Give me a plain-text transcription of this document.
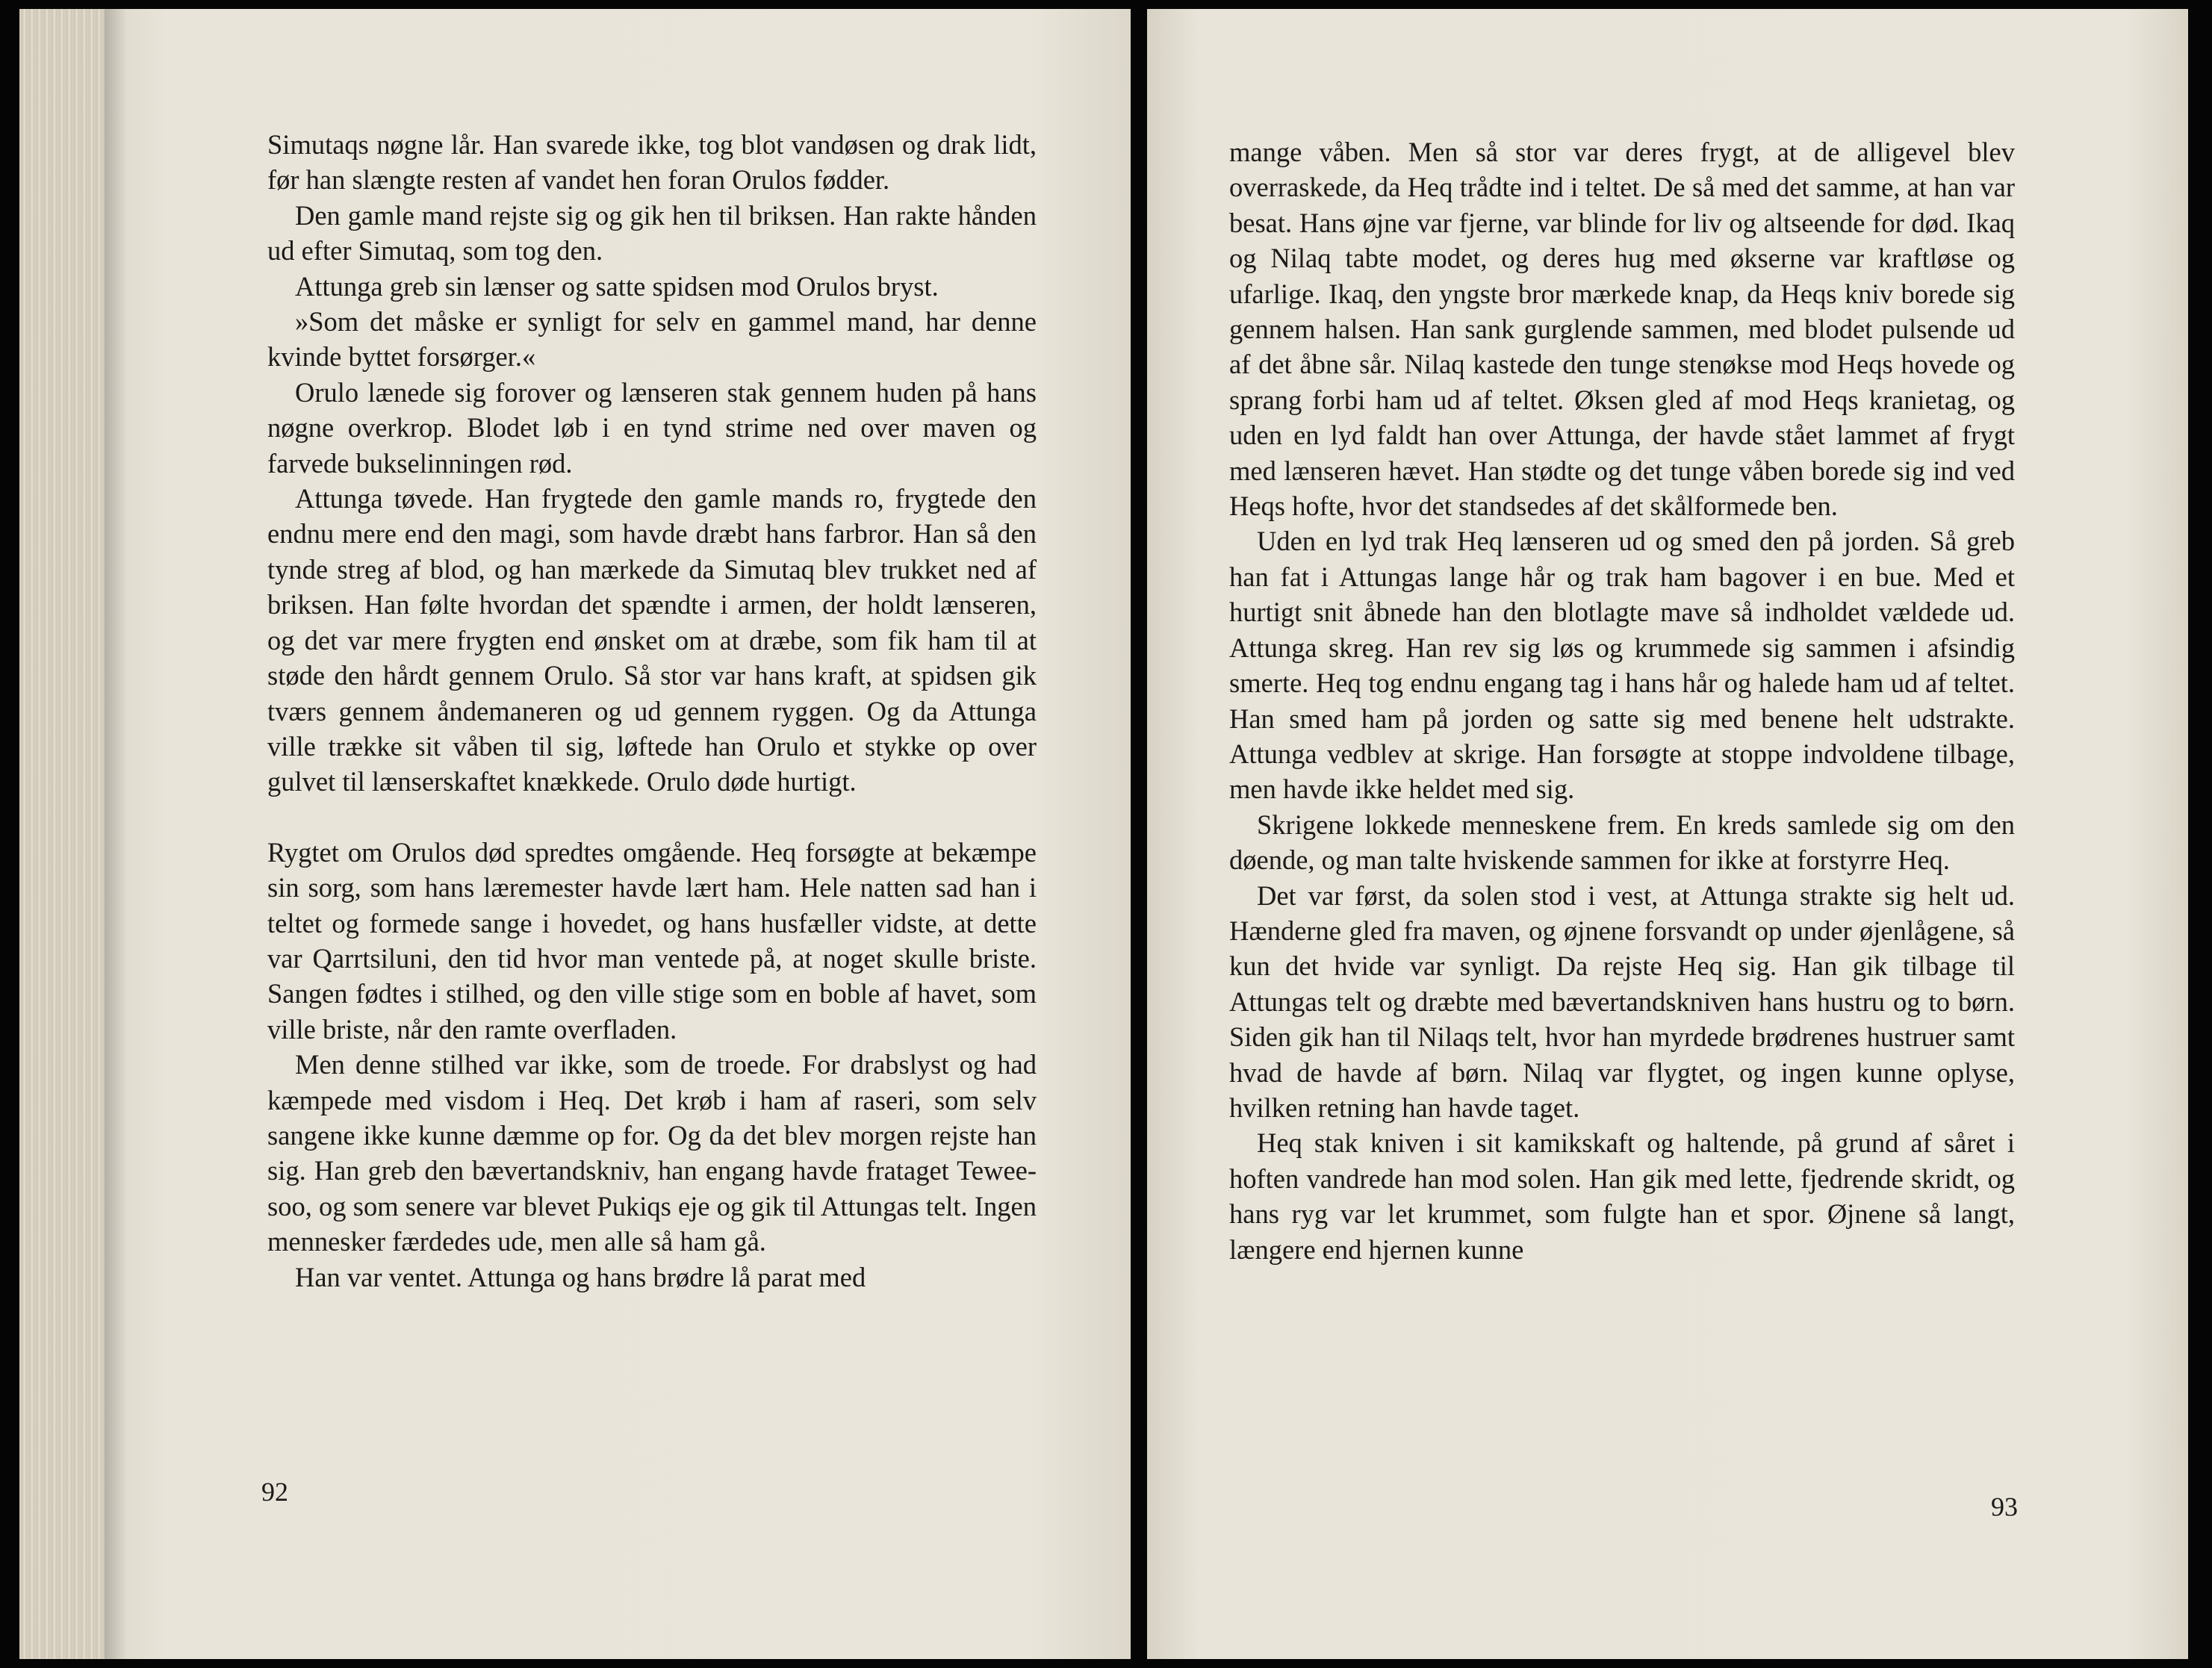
Simutaqs nøgne lår. Han svarede ikke, tog blot vandøsen og drak lidt, før han slængte resten af vandet hen foran Orulos fødder.

Den gamle mand rejste sig og gik hen til briksen. Han rakte hånden ud efter Simutaq, som tog den.

Attunga greb sin lænser og satte spidsen mod Orulos bryst.

»Som det måske er synligt for selv en gammel mand, har denne kvinde byttet forsørger.«

Orulo lænede sig forover og lænseren stak gennem huden på hans nøgne overkrop. Blodet løb i en tynd strime ned over maven og farvede bukselinningen rød.

Attunga tøvede. Han frygtede den gamle mands ro, frygtede den endnu mere end den magi, som havde dræbt hans farbror. Han så den tynde streg af blod, og han mærkede da Simutaq blev trukket ned af briksen. Han følte hvordan det spændte i armen, der holdt lænseren, og det var mere frygten end ønsket om at dræbe, som fik ham til at støde den hårdt gennem Orulo. Så stor var hans kraft, at spidsen gik tværs gennem åndemaneren og ud gennem ryggen. Og da Attunga ville trække sit våben til sig, løftede han Orulo et stykke op over gulvet til lænserskaftet knækkede. Orulo døde hurtigt.

Rygtet om Orulos død spredtes omgående. Heq forsøgte at bekæmpe sin sorg, som hans læremester havde lært ham. Hele natten sad han i teltet og formede sange i hovedet, og hans husfæller vidste, at dette var Qarrtsiluni, den tid hvor man ventede på, at noget skulle briste. Sangen fødtes i stilhed, og den ville stige som en boble af havet, som ville briste, når den ramte overfladen.

Men denne stilhed var ikke, som de troede. For drabslyst og had kæmpede med visdom i Heq. Det krøb i ham af raseri, som selv sangene ikke kunne dæmme op for. Og da det blev morgen rejste han sig. Han greb den bævertandskniv, han engang havde frataget Tewee-soo, og som senere var blevet Pukiqs eje og gik til Attungas telt. Ingen mennesker færdedes ude, men alle så ham gå.

Han var ventet. Attunga og hans brødre lå parat med

92

mange våben. Men så stor var deres frygt, at de alligevel blev overraskede, da Heq trådte ind i teltet. De så med det samme, at han var besat. Hans øjne var fjerne, var blinde for liv og altseende for død. Ikaq og Nilaq tabte modet, og deres hug med økserne var kraftløse og ufarlige. Ikaq, den yngste bror mærkede knap, da Heqs kniv borede sig gennem halsen. Han sank gurglende sammen, med blodet pulsende ud af det åbne sår. Nilaq kastede den tunge stenøkse mod Heqs hovede og sprang forbi ham ud af teltet. Øksen gled af mod Heqs kranietag, og uden en lyd faldt han over Attunga, der havde stået lammet af frygt med lænseren hævet. Han stødte og det tunge våben borede sig ind ved Heqs hofte, hvor det standsedes af det skålformede ben.

Uden en lyd trak Heq lænseren ud og smed den på jorden. Så greb han fat i Attungas lange hår og trak ham bagover i en bue. Med et hurtigt snit åbnede han den blotlagte mave så indholdet vældede ud. Attunga skreg. Han rev sig løs og krummede sig sammen i afsindig smerte. Heq tog endnu engang tag i hans hår og halede ham ud af teltet. Han smed ham på jorden og satte sig med benene helt udstrakte. Attunga vedblev at skrige. Han forsøgte at stoppe indvoldene tilbage, men havde ikke heldet med sig.

Skrigene lokkede menneskene frem. En kreds samlede sig om den døende, og man talte hviskende sammen for ikke at forstyrre Heq.

Det var først, da solen stod i vest, at Attunga strakte sig helt ud. Hænderne gled fra maven, og øjnene forsvandt op under øjenlågene, så kun det hvide var synligt. Da rejste Heq sig. Han gik tilbage til Attungas telt og dræbte med bævertandskniven hans hustru og to børn. Siden gik han til Nilaqs telt, hvor han myrdede brødrenes hustruer samt hvad de havde af børn. Nilaq var flygtet, og ingen kunne oplyse, hvilken retning han havde taget.

Heq stak kniven i sit kamikskaft og haltende, på grund af såret i hoften vandrede han mod solen. Han gik med lette, fjedrende skridt, og hans ryg var let krummet, som fulgte han et spor. Øjnene så langt, længere end hjernen kunne

93
